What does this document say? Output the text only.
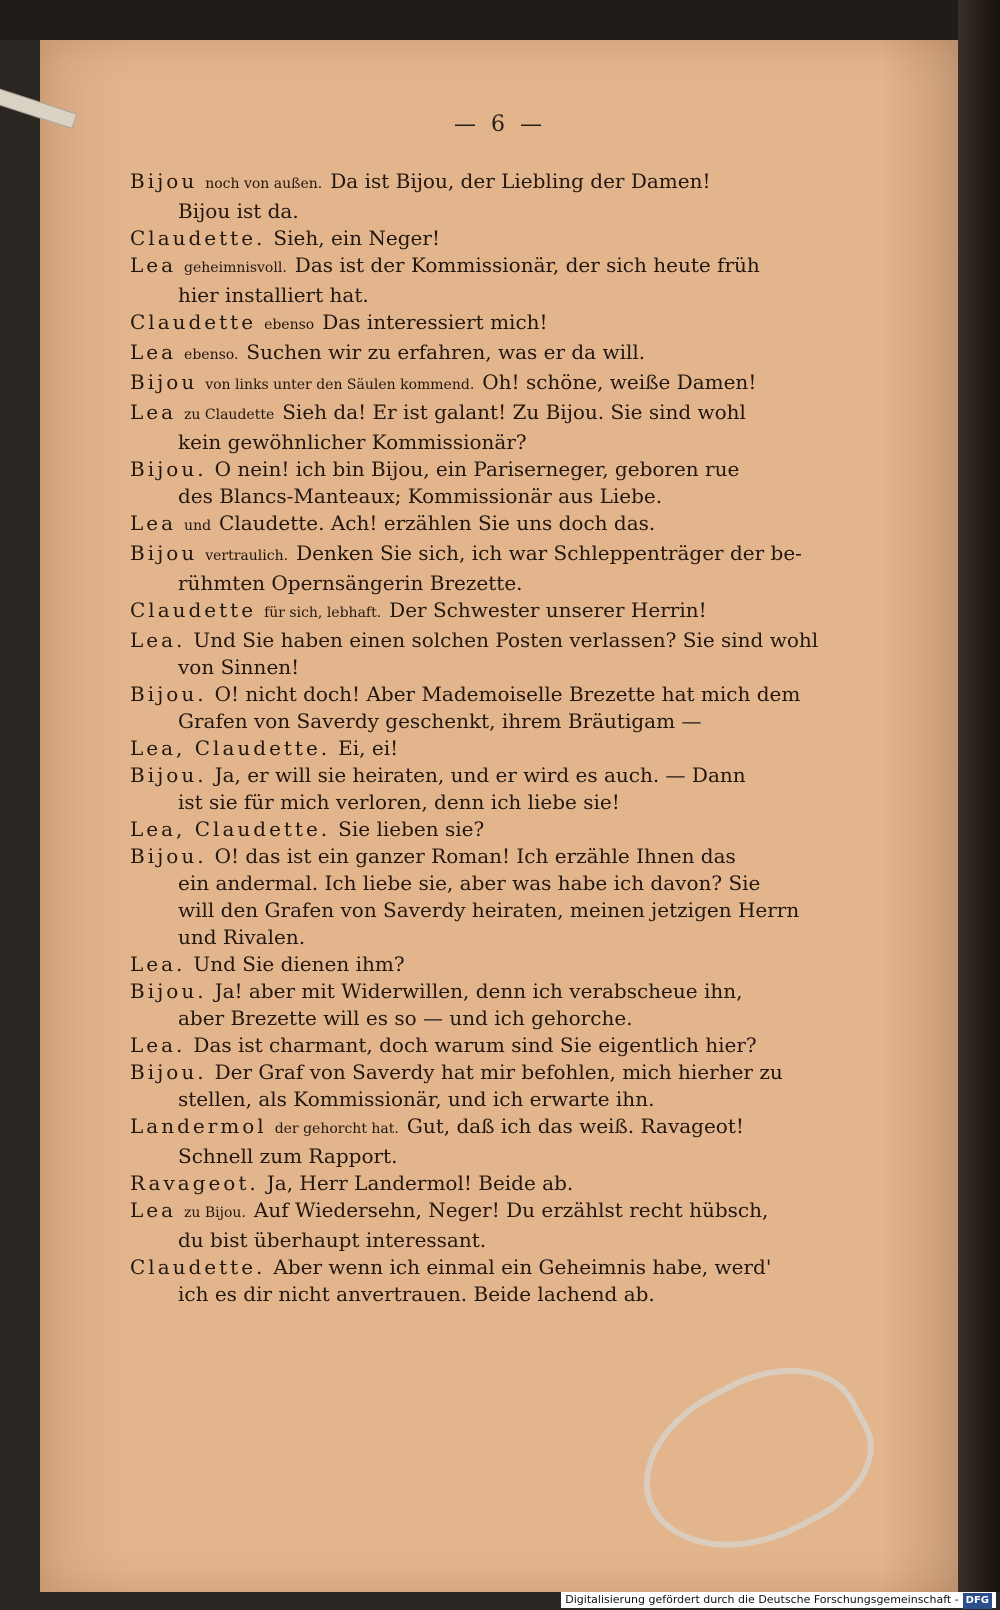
— 6 —

Bijou noch von außen. Da ist Bijou, der Liebling der Damen!

Bijou ist da.

Claudette. Sieh, ein Neger!

Lea geheimnisvoll. Das ist der Kommissionär, der sich heute früh

hier installiert hat.

Claudette ebenso Das interessiert mich!

Lea ebenso. Suchen wir zu erfahren, was er da will.

Bijou von links unter den Säulen kommend. Oh! schöne, weiße Damen!

Lea zu Claudette Sieh da! Er ist galant! Zu Bijou. Sie sind wohl

kein gewöhnlicher Kommissionär?

Bijou. O nein! ich bin Bijou, ein Pariserneger, geboren rue

des Blancs-Manteaux; Kommissionär aus Liebe.

Lea und Claudette. Ach! erzählen Sie uns doch das.

Bijou vertraulich. Denken Sie sich, ich war Schleppenträger der be-

rühmten Opernsängerin Brezette.

Claudette für sich, lebhaft. Der Schwester unserer Herrin!

Lea. Und Sie haben einen solchen Posten verlassen? Sie sind wohl

von Sinnen!

Bijou. O! nicht doch! Aber Mademoiselle Brezette hat mich dem

Grafen von Saverdy geschenkt, ihrem Bräutigam —

Lea, Claudette. Ei, ei!

Bijou. Ja, er will sie heiraten, und er wird es auch. — Dann

ist sie für mich verloren, denn ich liebe sie!

Lea, Claudette. Sie lieben sie?

Bijou. O! das ist ein ganzer Roman! Ich erzähle Ihnen das

ein andermal. Ich liebe sie, aber was habe ich davon? Sie

will den Grafen von Saverdy heiraten, meinen jetzigen Herrn

und Rivalen.

Lea. Und Sie dienen ihm?

Bijou. Ja! aber mit Widerwillen, denn ich verabscheue ihn,

aber Brezette will es so — und ich gehorche.

Lea. Das ist charmant, doch warum sind Sie eigentlich hier?

Bijou. Der Graf von Saverdy hat mir befohlen, mich hierher zu

stellen, als Kommissionär, und ich erwarte ihn.

Landermol der gehorcht hat. Gut, daß ich das weiß. Ravageot!

Schnell zum Rapport.

Ravageot. Ja, Herr Landermol! Beide ab.

Lea zu Bijou. Auf Wiedersehn, Neger! Du erzählst recht hübsch,

du bist überhaupt interessant.

Claudette. Aber wenn ich einmal ein Geheimnis habe, werd'

ich es dir nicht anvertrauen. Beide lachend ab.

Digitalisierung gefördert durch die Deutsche Forschungsgemeinschaft - DFG
